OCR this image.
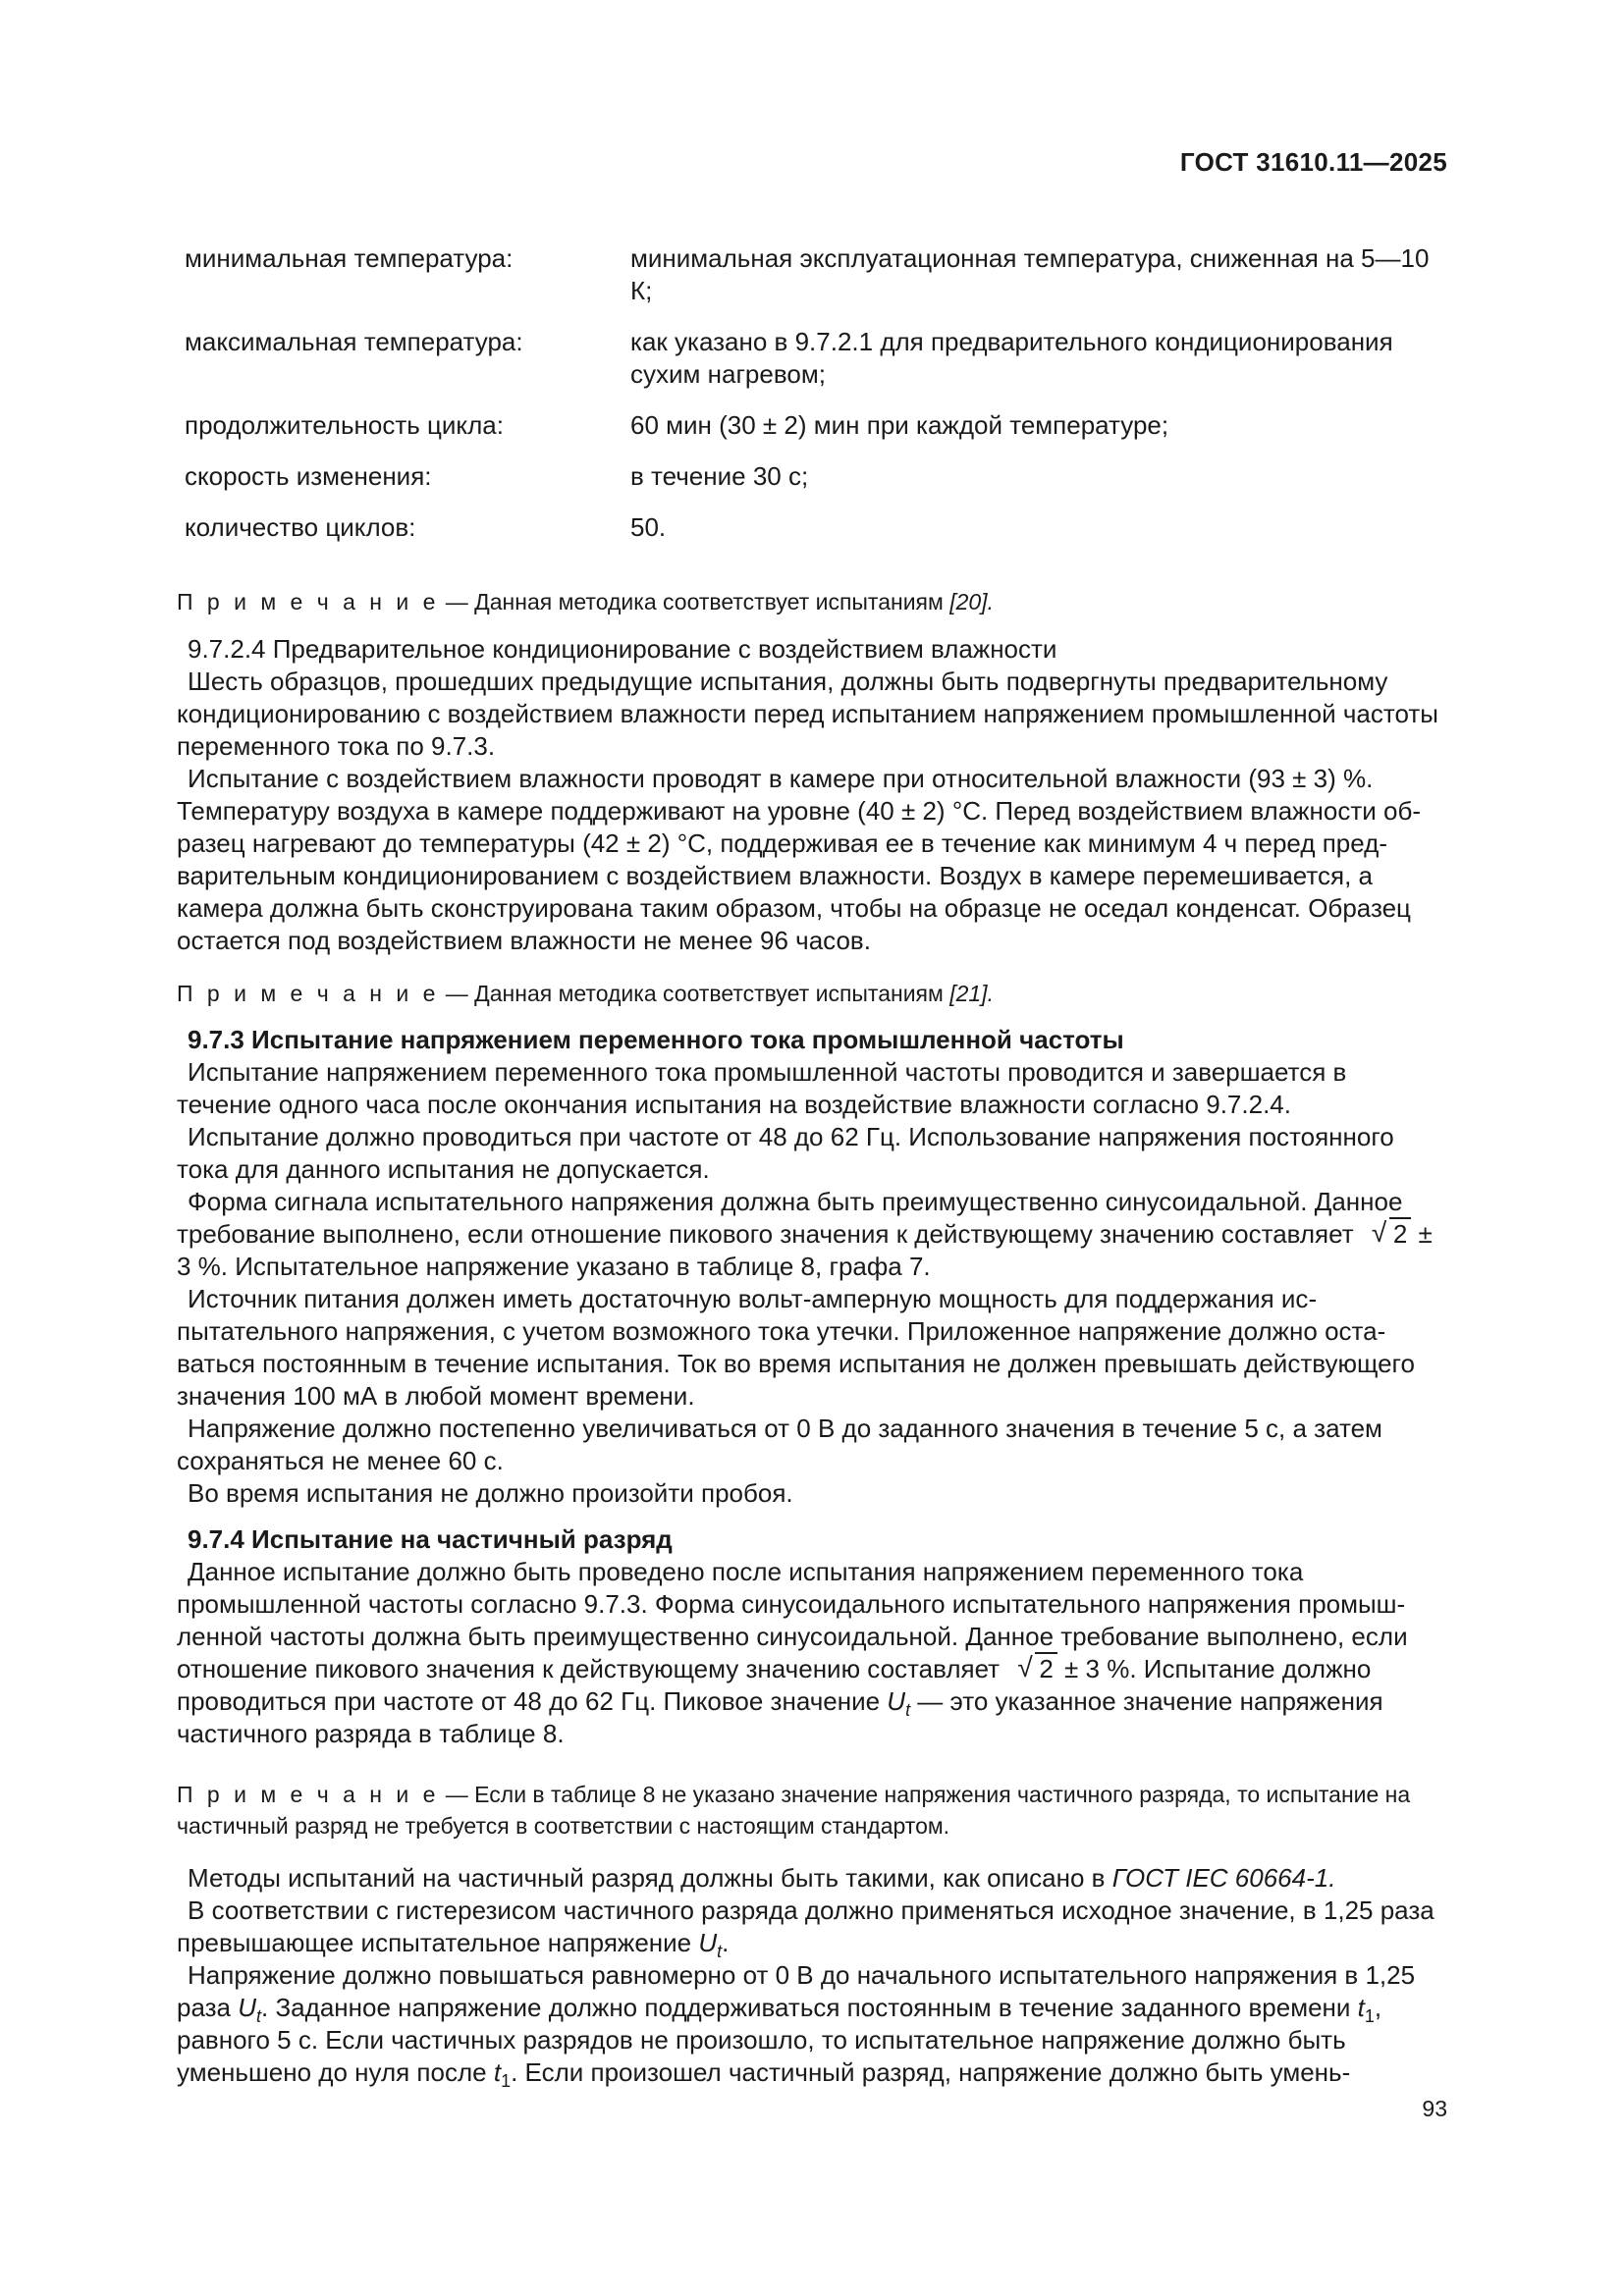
ГОСТ 31610.11—2025
минимальная температура:	минимальная эксплуатационная температура, сниженная на 5—10 К;
максимальная температура:	как указано в 9.7.2.1 для предварительного кондиционирования сухим нагревом;
продолжительность цикла:	60 мин (30 ± 2) мин при каждой температуре;
скорость изменения:	в течение 30 с;
количество циклов:	50.

П р и м е ч а н и е — Данная методика соответствует испытаниям [20].

9.7.2.4 Предварительное кондиционирование с воздействием влажности

Шесть образцов, прошедших предыдущие испытания, должны быть подвергнуты предварительному кондиционированию с воздействием влажности перед испытанием напряжением промышленной частоты переменного тока по 9.7.3.

Испытание с воздействием влажности проводят в камере при относительной влажности (93 ± 3) %. Температуру воздуха в камере поддерживают на уровне (40 ± 2) °С. Перед воздействием влажности образец нагревают до температуры (42 ± 2) °С, поддерживая ее в течение как минимум 4 ч перед предварительным кондиционированием с воздействием влажности. Воздух в камере перемешивается, а камера должна быть сконструирована таким образом, чтобы на образце не оседал конденсат. Образец остается под воздействием влажности не менее 96 часов.

П р и м е ч а н и е — Данная методика соответствует испытаниям [21].

9.7.3 Испытание напряжением переменного тока промышленной частоты

Испытание напряжением переменного тока промышленной частоты проводится и завершается в течение одного часа после окончания испытания на воздействие влажности согласно 9.7.2.4.

Испытание должно проводиться при частоте от 48 до 62 Гц. Использование напряжения постоянного тока для данного испытания не допускается.

Форма сигнала испытательного напряжения должна быть преимущественно синусоидальной. Данное требование выполнено, если отношение пикового значения к действующему значению составляет √ 2 ± 3 %. Испытательное напряжение указано в таблице 8, графа 7.

Источник питания должен иметь достаточную вольт-амперную мощность для поддержания испытательного напряжения, с учетом возможного тока утечки. Приложенное напряжение должно оставаться постоянным в течение испытания. Ток во время испытания не должен превышать действующего значения 100 мА в любой момент времени.

Напряжение должно постепенно увеличиваться от 0 В до заданного значения в течение 5 с, а затем сохраняться не менее 60 с.

Во время испытания не должно произойти пробоя.

9.7.4 Испытание на частичный разряд

Данное испытание должно быть проведено после испытания напряжением переменного тока промышленной частоты согласно 9.7.3. Форма синусоидального испытательного напряжения промышленной частоты должна быть преимущественно синусоидальной. Данное требование выполнено, если отношение пикового значения к действующему значению составляет √ 2 ± 3 %. Испытание должно проводиться при частоте от 48 до 62 Гц. Пиковое значение $U_t$ — это указанное значение напряжения частичного разряда в таблице 8.

П р и м е ч а н и е — Если в таблице 8 не указано значение напряжения частичного разряда, то испытание на частичный разряд не требуется в соответствии с настоящим стандартом.

Методы испытаний на частичный разряд должны быть такими, как описано в ГОСТ IEC 60664-1.

В соответствии с гистерезисом частичного разряда должно применяться исходное значение, в 1,25 раза превышающее испытательное напряжение $U_t$.

Напряжение должно повышаться равномерно от 0 В до начального испытательного напряжения в 1,25 раза $U_t$. Заданное напряжение должно поддерживаться постоянным в течение заданного времени $t_1$, равного 5 с. Если частичных разрядов не произошло, то испытательное напряжение должно быть уменьшено до нуля после $t_1$. Если произошел частичный разряд, напряжение должно быть умень-

93
